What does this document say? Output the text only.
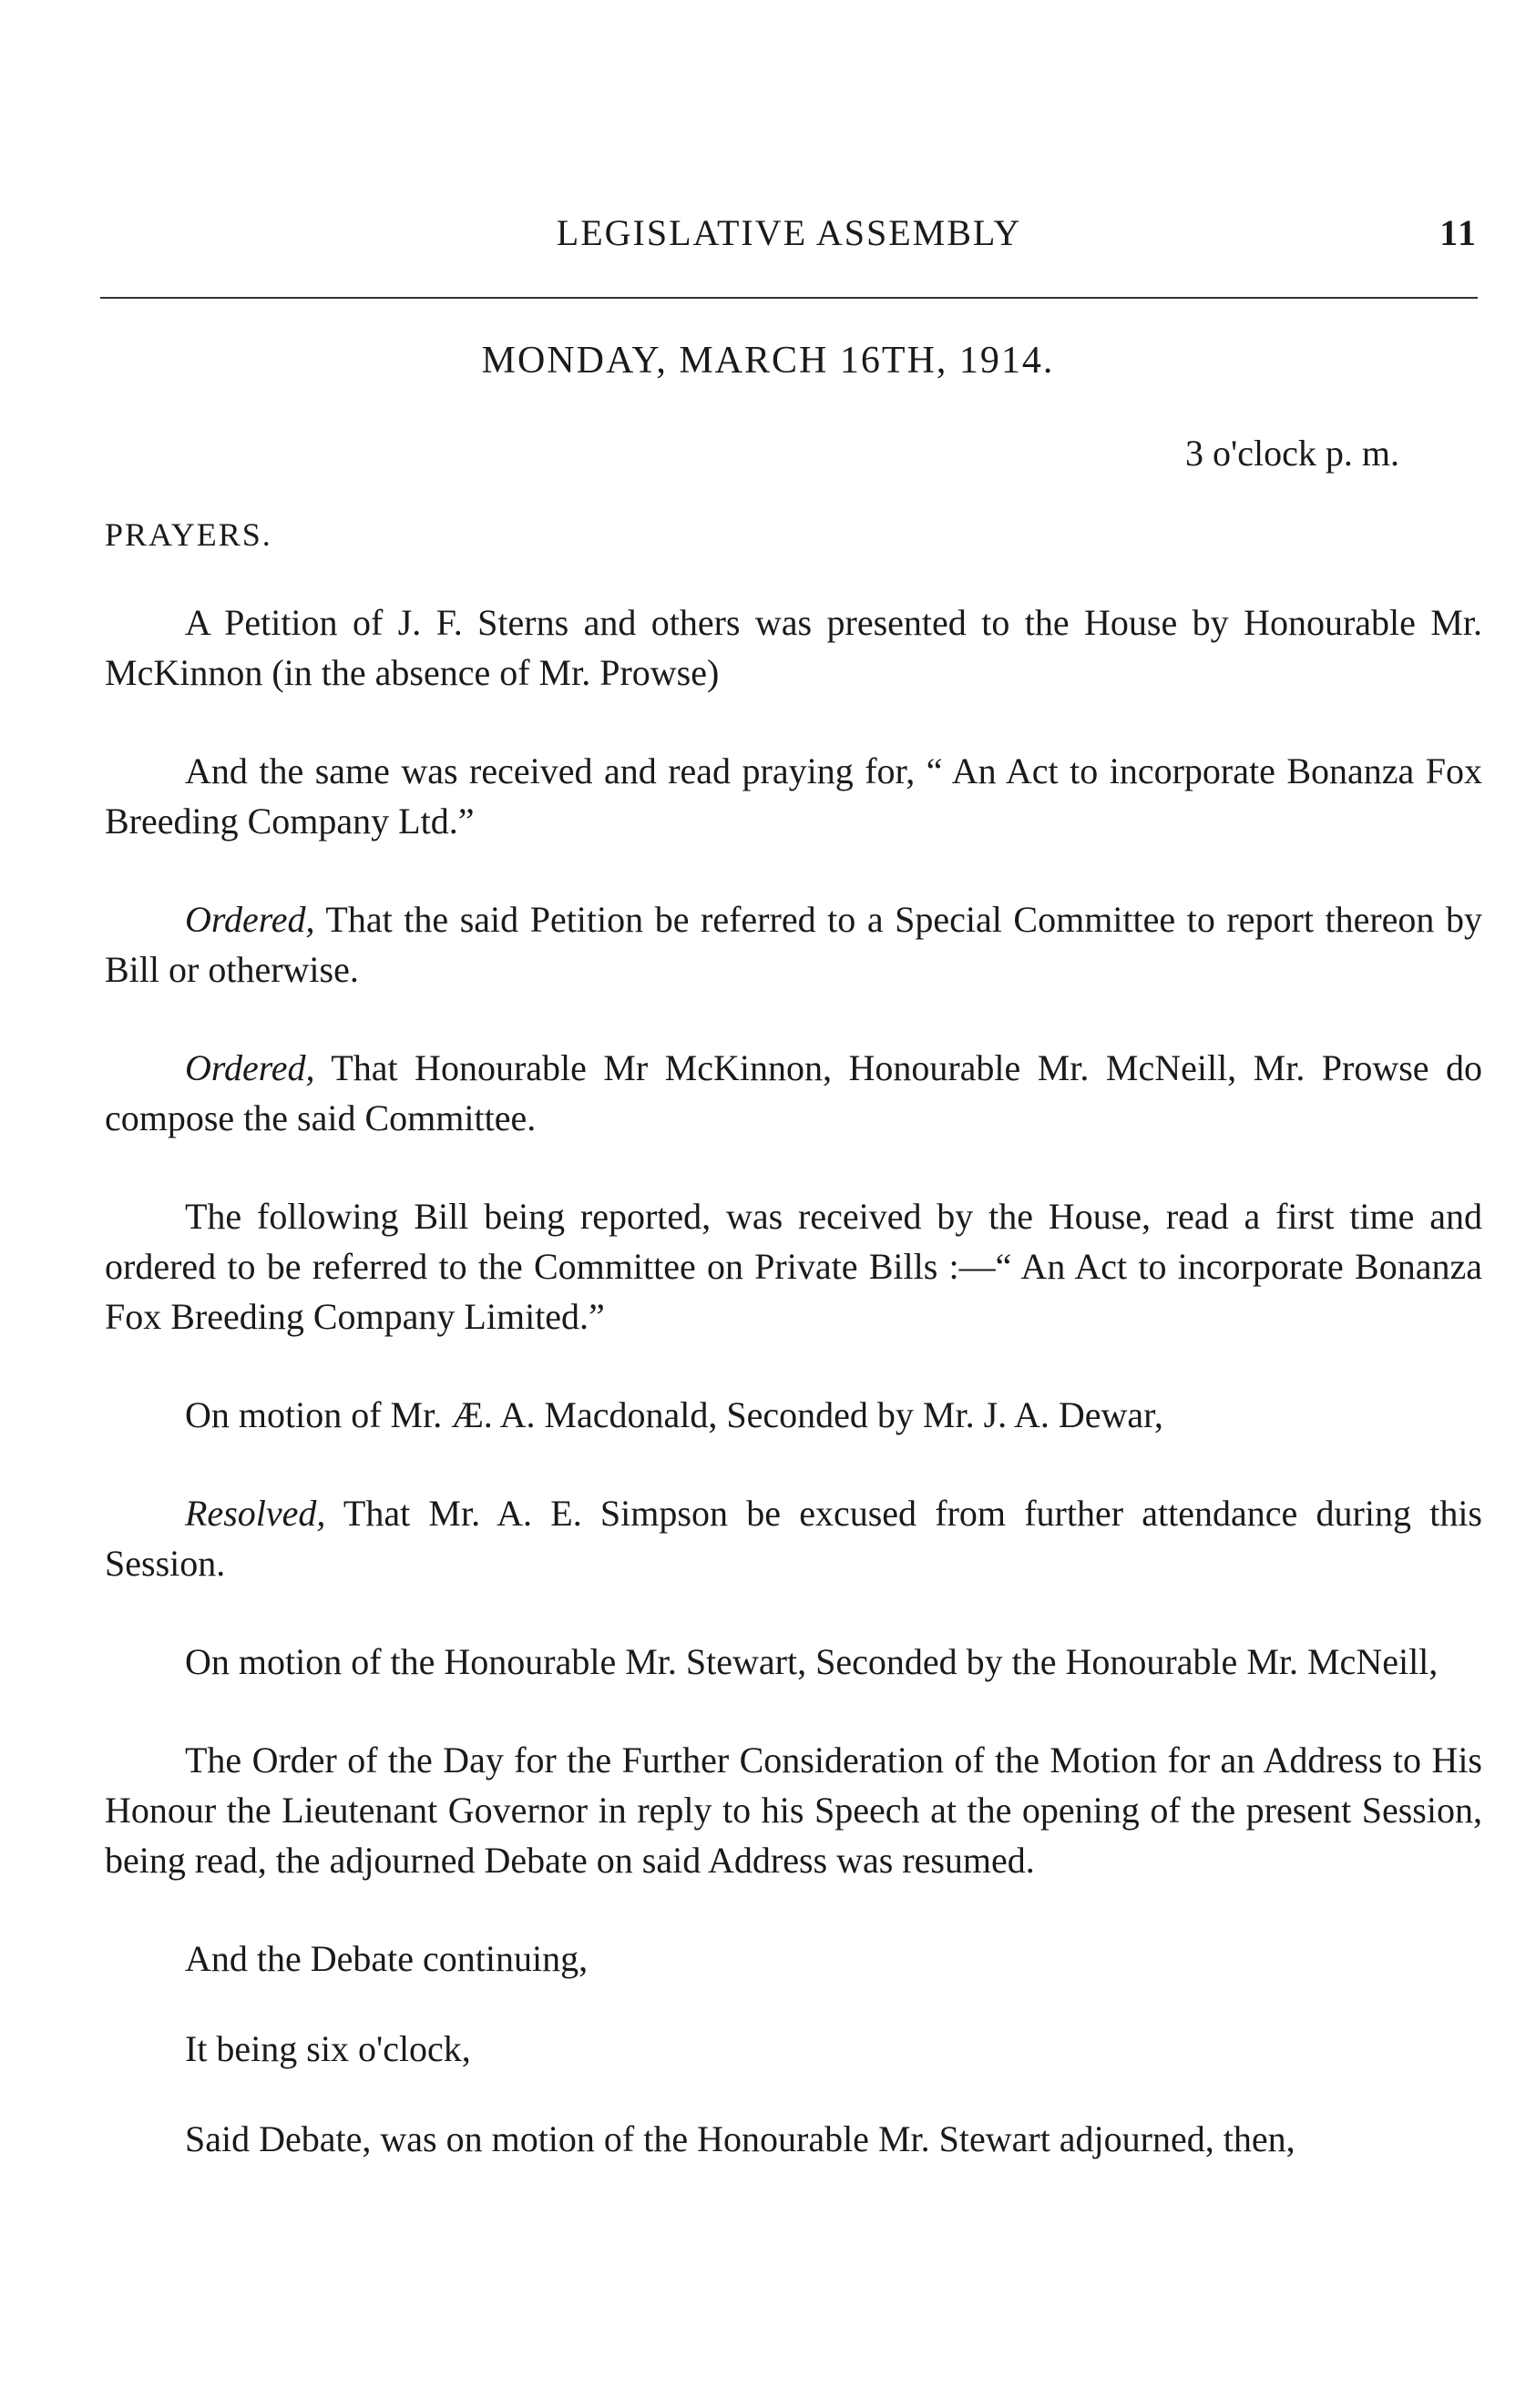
LEGISLATIVE ASSEMBLY	11
MONDAY, MARCH 16TH, 1914.
3 o'clock p. m.
PRAYERS.

A Petition of J. F. Sterns and others was presented to the House by Honourable Mr. McKinnon (in the absence of Mr. Prowse)

And the same was received and read praying for, “ An Act to incorporate Bonanza Fox Breeding Company Ltd.”

Ordered, That the said Petition be referred to a Special Committee to report thereon by Bill or otherwise.

Ordered, That Honourable Mr McKinnon, Honourable Mr. McNeill, Mr. Prowse do compose the said Committee.

The following Bill being reported, was received by the House, read a first time and ordered to be referred to the Committee on Private Bills :—“ An Act to incorporate Bonanza Fox Breeding Company Limited.”

On motion of Mr. Æ. A. Macdonald, Seconded by Mr. J. A. Dewar,

Resolved, That Mr. A. E. Simpson be excused from further attendance during this Session.

On motion of the Honourable Mr. Stewart, Seconded by the Honourable Mr. McNeill,

The Order of the Day for the Further Consideration of the Motion for an Address to His Honour the Lieutenant Governor in reply to his Speech at the opening of the present Session, being read, the adjourned Debate on said Address was resumed.

And the Debate continuing,

It being six o'clock,

Said Debate, was on motion of the Honourable Mr. Stewart adjourned, then,
